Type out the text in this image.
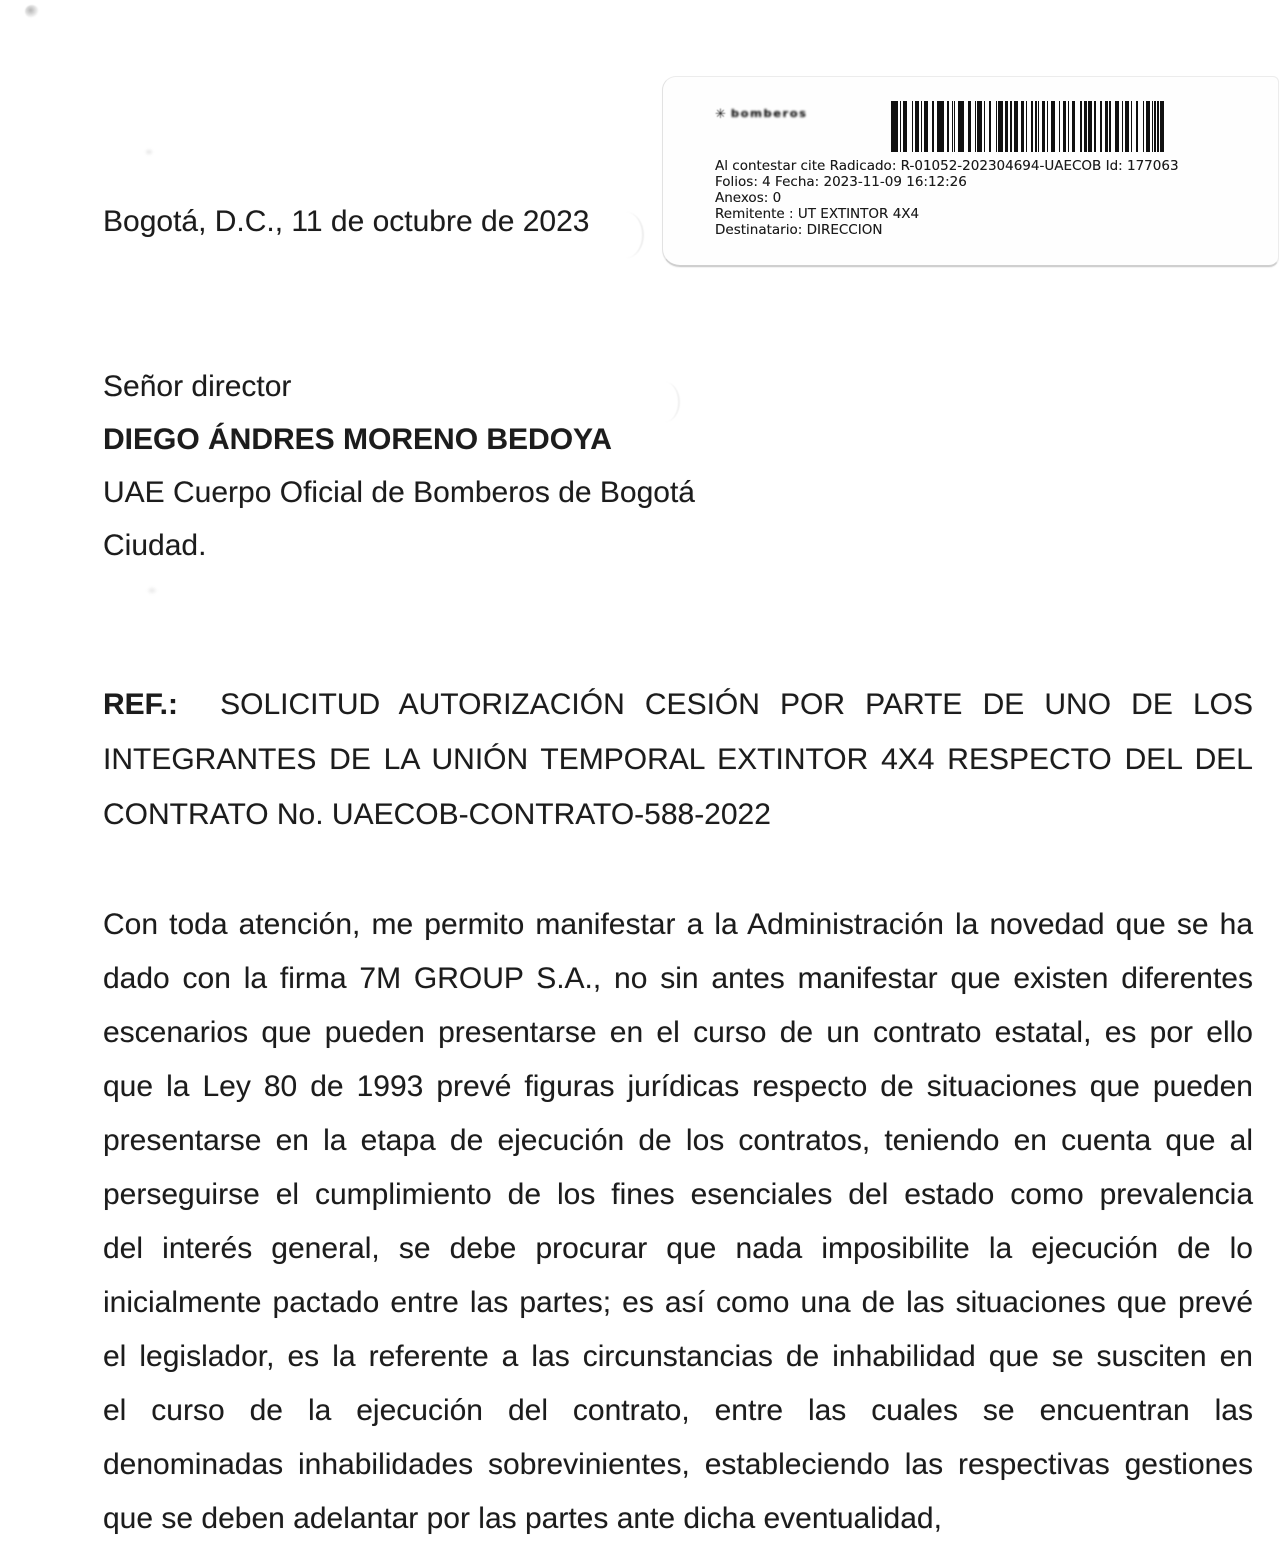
✳ bomberos
Al contestar cite Radicado: R-01052-202304694-UAECOB Id: 177063
Folios: 4 Fecha: 2023-11-09 16:12:26
Anexos: 0
Remitente : UT EXTINTOR 4X4
Destinatario: DIRECCION
Bogotá, D.C., 11 de octubre de 2023
Señor director
DIEGO ÁNDRES MORENO BEDOYA
UAE Cuerpo Oficial de Bomberos de Bogotá
Ciudad.
REF.: SOLICITUD AUTORIZACIÓN CESIÓN POR PARTE DE UNO DE LOS
INTEGRANTES DE LA UNIÓN TEMPORAL EXTINTOR 4X4 RESPECTO DEL DEL
CONTRATO No. UAECOB-CONTRATO-588-2022
Con toda atención, me permito manifestar a la Administración la novedad que se ha
dado con la firma 7M GROUP S.A., no sin antes manifestar que existen diferentes
escenarios que pueden presentarse en el curso de un contrato estatal, es por ello
que la Ley 80 de 1993 prevé figuras jurídicas respecto de situaciones que pueden
presentarse en la etapa de ejecución de los contratos, teniendo en cuenta que al
perseguirse el cumplimiento de los fines esenciales del estado como prevalencia
del interés general, se debe procurar que nada imposibilite la ejecución de lo
inicialmente pactado entre las partes; es así como una de las situaciones que prevé
el legislador, es la referente a las circunstancias de inhabilidad que se susciten en
el curso de la ejecución del contrato, entre las cuales se encuentran las
denominadas inhabilidades sobrevinientes, estableciendo las respectivas gestiones
que se deben adelantar por las partes ante dicha eventualidad,
